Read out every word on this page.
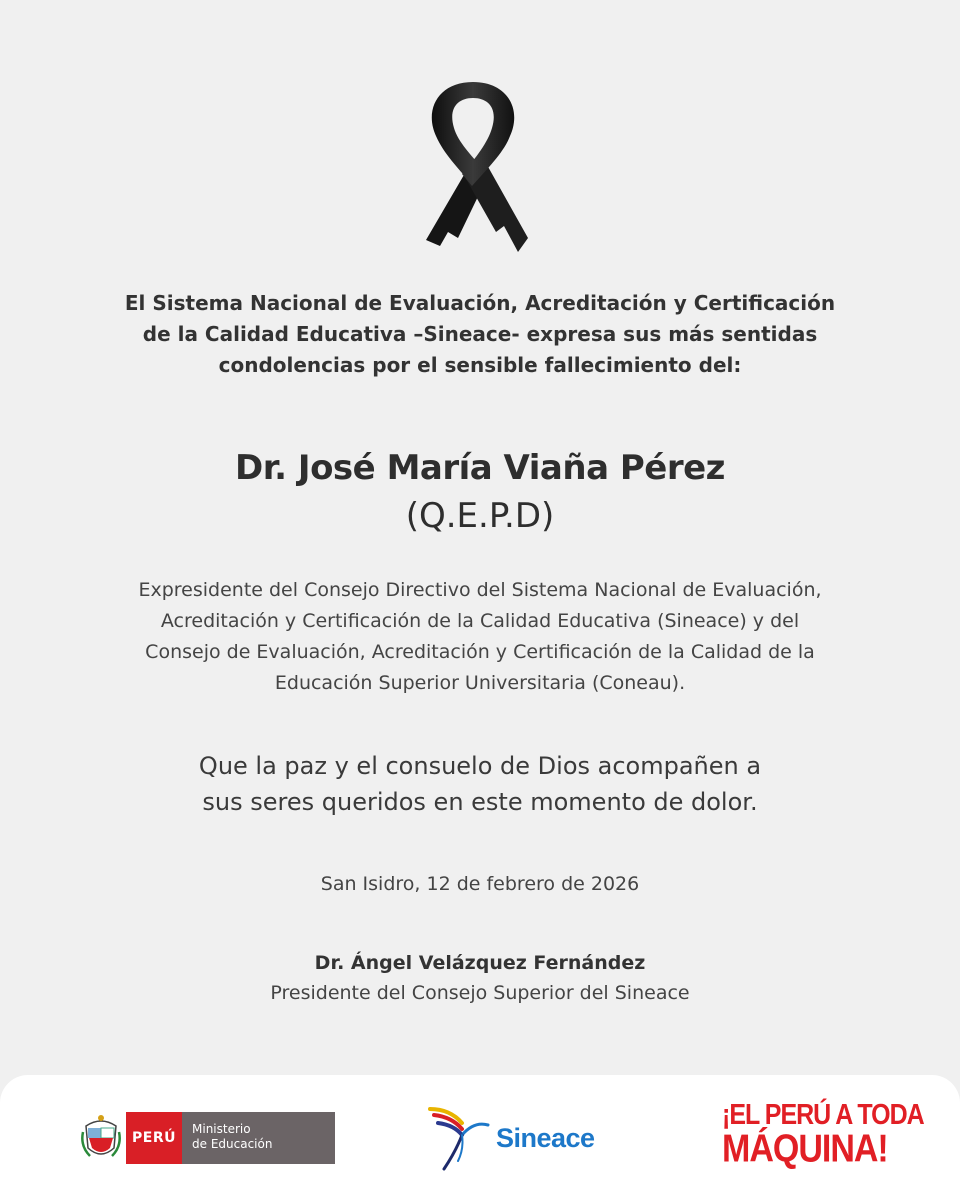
El Sistema Nacional de Evaluación, Acreditación y Certificación
de la Calidad Educativa –Sineace- expresa sus más sentidas
condolencias por el sensible fallecimiento del:
Dr. José María Viaña Pérez
(Q.E.P.D)
Expresidente del Consejo Directivo del Sistema Nacional de Evaluación,
Acreditación y Certificación de la Calidad Educativa (Sineace) y del
Consejo de Evaluación, Acreditación y Certificación de la Calidad de la
Educación Superior Universitaria (Coneau).
Que la paz y el consuelo de Dios acompañen a
sus seres queridos en este momento de dolor.
San Isidro, 12 de febrero de 2026
Dr. Ángel Velázquez Fernández
Presidente del Consejo Superior del Sineace
PERÚ
Ministerio
de Educación	Sineace
¡EL PERÚ A TODA
MÁQUINA!
